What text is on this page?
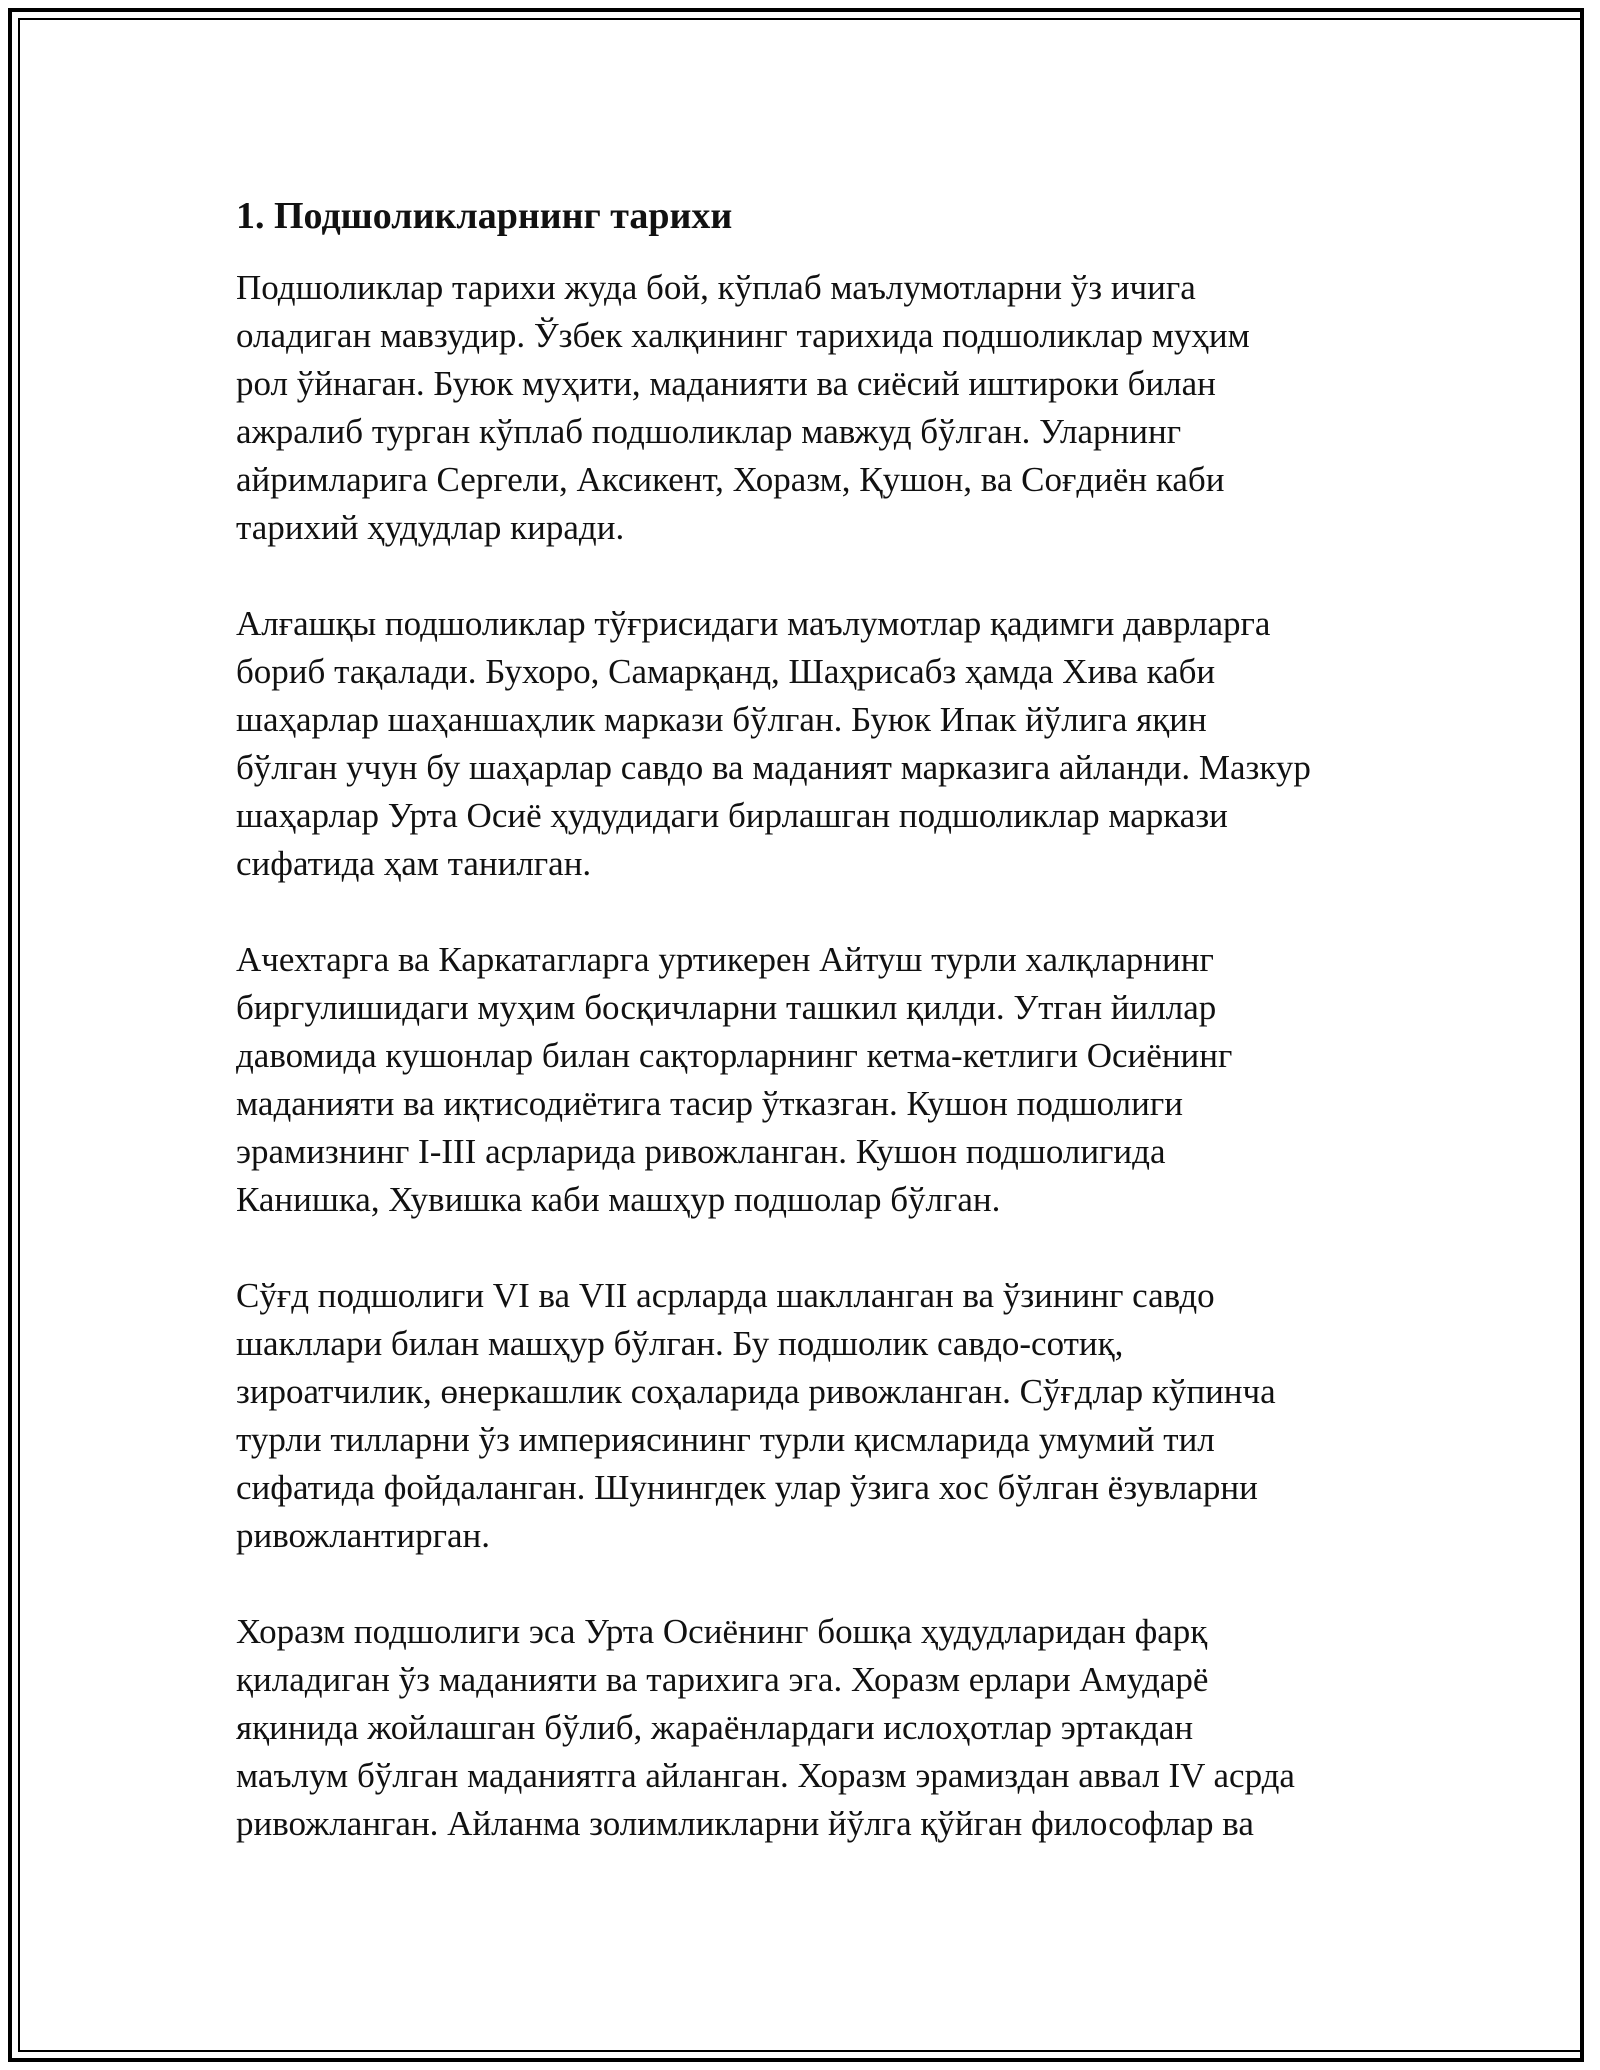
1. Подшоликларнинг тарихи

Подшоликлар тарихи жуда бой, кўплаб маълумотларни ўз ичига
оладиган мавзудир. Ўзбек халқининг тарихида подшоликлар муҳим
рол ўйнаган. Буюк муҳити, маданияти ва сиёсий иштироки билан
ажралиб турган кўплаб подшоликлар мавжуд бўлган. Уларнинг
айримларига Сергели, Аксикент, Хоразм, Қушон, ва Соғдиён каби
тарихий ҳудудлар киради.

Алғашқы подшоликлар тўғрисидаги маълумотлар қадимги даврларга
бориб тақалади. Бухоро, Самарқанд, Шаҳрисабз ҳамда Хива каби
шаҳарлар шаҳаншаҳлик маркази бўлган. Буюк Ипак йўлига яқин
бўлган учун бу шаҳарлар савдо ва маданият марказига айланди. Мазкур
шаҳарлар Урта Осиё ҳудудидаги бирлашган подшоликлар маркази
сифатида ҳам танилган.

Ачехтарга ва Каркатагларга уртикерен Айтуш турли халқларнинг
биргулишидаги муҳим босқичларни ташкил қилди. Утган йиллар
давомида кушонлар билан сақторларнинг кетма-кетлиги Осиёнинг
маданияти ва иқтисодиётига тасир ўтказган. Кушон подшолиги
эрамизнинг I-III асрларида ривожланган. Кушон подшолигида
Канишка, Хувишка каби машҳур подшолар бўлган.

Сўғд подшолиги VI ва VII асрларда шаклланган ва ўзининг савдо
шакллари билан машҳур бўлган. Бу подшолик савдо-сотиқ,
зироатчилик, өнеркашлик соҳаларида ривожланган. Сўғдлар кўпинча
турли тилларни ўз империясининг турли қисмларида умумий тил
сифатида фойдаланган. Шунингдек улар ўзига хос бўлган ёзувларни
ривожлантирган.

Хоразм подшолиги эса Урта Осиёнинг бошқа ҳудудларидан фарқ
қиладиган ўз маданияти ва тарихига эга. Хоразм ерлари Амударё
яқинида жойлашган бўлиб, жараёнлардаги ислоҳотлар эртакдан
маълум бўлган маданиятга айланган. Хоразм эрамиздан аввал IV асрда
ривожланган. Айланма золимликларни йўлга қўйган философлар ва
